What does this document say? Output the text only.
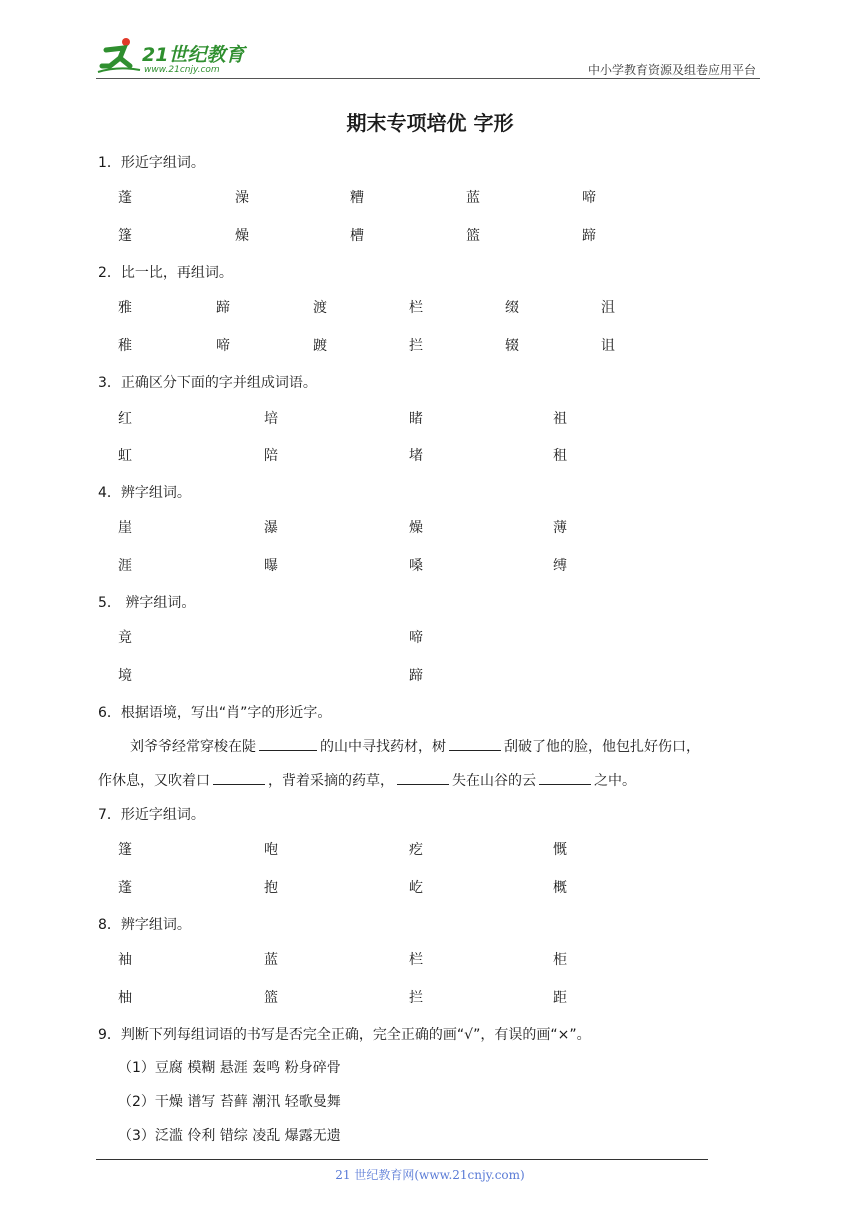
21世纪教育
www.21cnjy.com	中小学教育资源及组卷应用平台
期末专项培优 字形
1．形近字组词。
蓬	澡	糟	蓝	啼
篷	燥	槽	篮	蹄
2．比一比，再组词。
雅	蹄	渡	栏	缀	沮
稚	啼	踱	拦	辍	诅
3．正确区分下面的字并组成词语。
红	培	睹	祖
虹	陪	堵	租
4．辨字组词。
崖	瀑	燥	薄
涯	曝	嗓	缚
5． 辨字组词。
竟	啼
境	蹄
6．根据语境，写出“肖”字的形近字。
刘爷爷经常穿梭在陡	的山中寻找药材，树	刮破了他的脸，他包扎好伤口，
作休息，又吹着口	，背着采摘的药草，	失在山谷的云	之中。
7．形近字组词。
篷	咆	疙	慨
蓬	抱	屹	概
8．辨字组词。
袖	蓝	栏	柜
柚	篮	拦	距
9．判断下列每组词语的书写是否完全正确，完全正确的画“√”，有误的画“×”。
（1）豆腐 模糊 悬涯 轰鸣 粉身碎骨
（2）干燥 谱写 苔藓 潮汛 轻歌曼舞
（3）泛滥 伶利 错综 凌乱 爆露无遗
21 世纪教育网(www.21cnjy.com)
